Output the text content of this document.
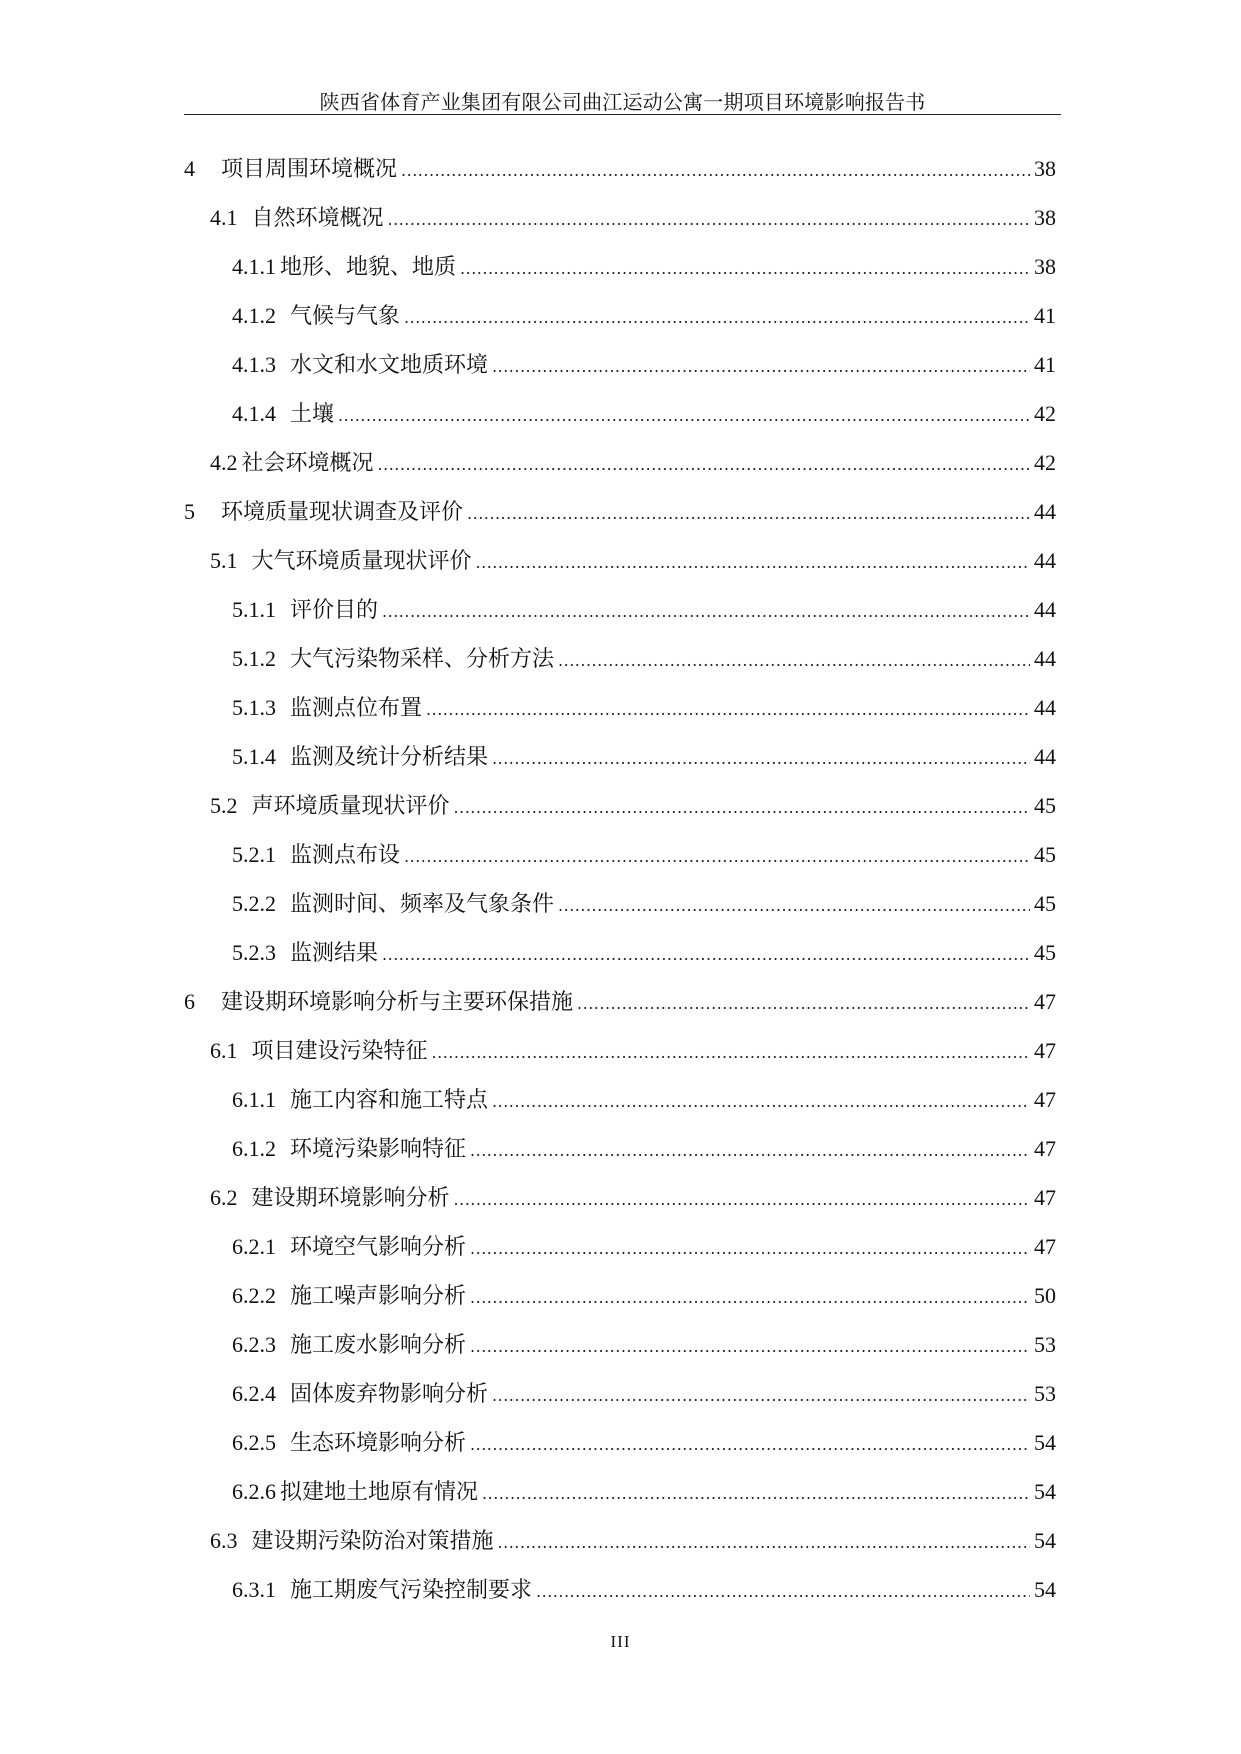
陕西省体育产业集团有限公司曲江运动公寓一期项目环境影响报告书
4 项目周围环境概况 .....	38
4.1 自然环境概况 .....	38
4.1.1 地形、地貌、地质 .....	38
4.1.2 气候与气象 .....	41
4.1.3 水文和水文地质环境 .....	41
4.1.4 土壤 .....	42
4.2 社会环境概况 .....	42
5 环境质量现状调查及评价 .....	44
5.1 大气环境质量现状评价 .....	44
5.1.1 评价目的 .....	44
5.1.2 大气污染物采样、分析方法 .....	44
5.1.3 监测点位布置 .....	44
5.1.4 监测及统计分析结果 .....	44
5.2 声环境质量现状评价 .....	45
5.2.1 监测点布设 .....	45
5.2.2 监测时间、频率及气象条件 .....	45
5.2.3 监测结果 .....	45
6 建设期环境影响分析与主要环保措施 .....	47
6.1 项目建设污染特征 .....	47
6.1.1 施工内容和施工特点 .....	47
6.1.2 环境污染影响特征 .....	47
6.2 建设期环境影响分析 .....	47
6.2.1 环境空气影响分析 .....	47
6.2.2 施工噪声影响分析 .....	50
6.2.3 施工废水影响分析 .....	53
6.2.4 固体废弃物影响分析 .....	53
6.2.5 生态环境影响分析 .....	54
6.2.6 拟建地土地原有情况 .....	54
6.3 建设期污染防治对策措施 .....	54
6.3.1 施工期废气污染控制要求 .....	54
III
